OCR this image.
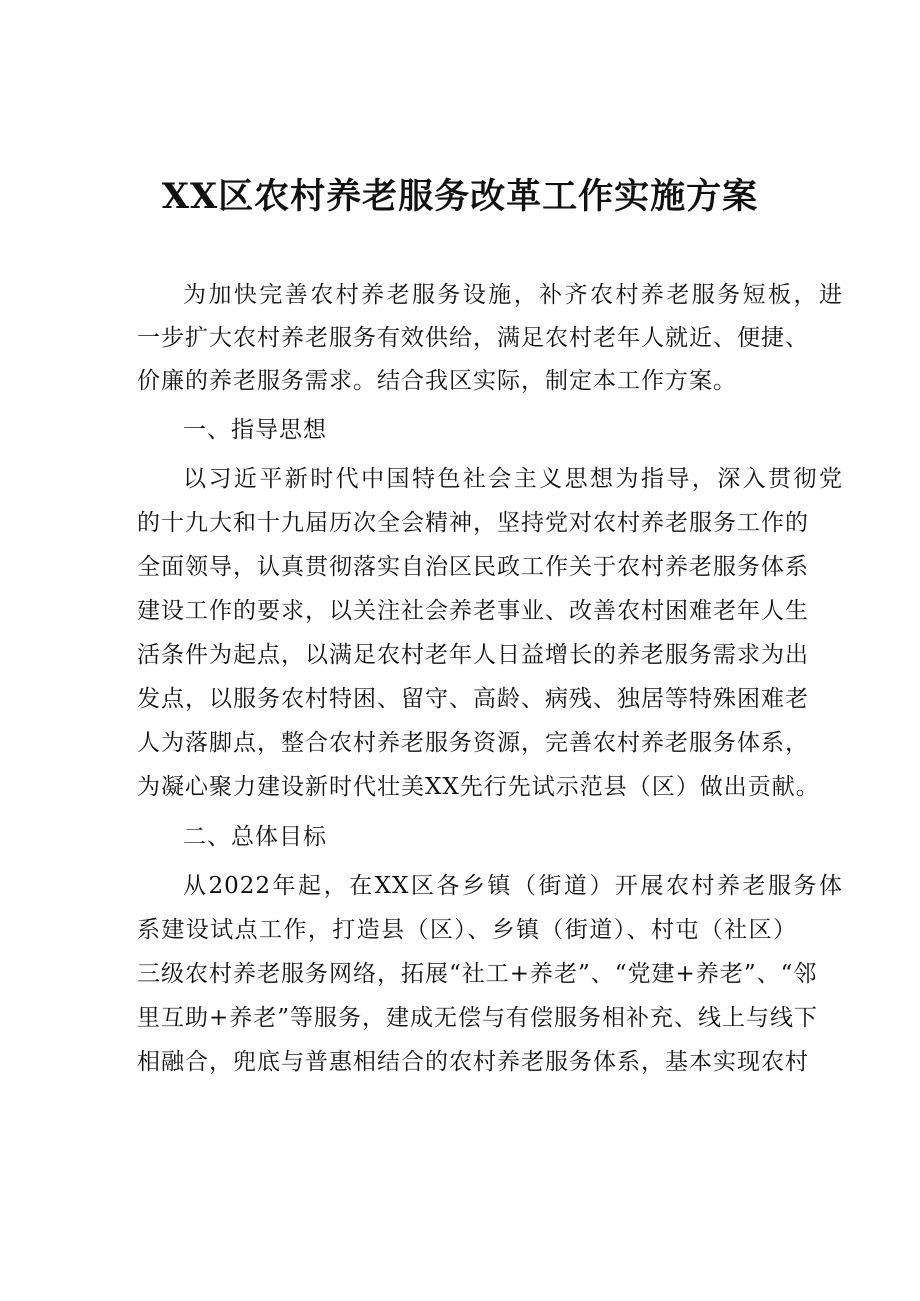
XX区农村养老服务改革工作实施方案
为加快完善农村养老服务设施，补齐农村养老服务短板，进
一步扩大农村养老服务有效供给，满足农村老年人就近、便捷、
价廉的养老服务需求。结合我区实际，制定本工作方案。
一、指导思想
以习近平新时代中国特色社会主义思想为指导，深入贯彻党
的十九大和十九届历次全会精神，坚持党对农村养老服务工作的
全面领导，认真贯彻落实自治区民政工作关于农村养老服务体系
建设工作的要求，以关注社会养老事业、改善农村困难老年人生
活条件为起点，以满足农村老年人日益增长的养老服务需求为出
发点，以服务农村特困、留守、高龄、病残、独居等特殊困难老
人为落脚点，整合农村养老服务资源，完善农村养老服务体系，
为凝心聚力建设新时代壮美XX先行先试示范县（区）做出贡献。
二、总体目标
从2022年起，在XX区各乡镇（街道）开展农村养老服务体
系建设试点工作，打造县（区）、乡镇（街道）、村屯（社区）
三级农村养老服务网络，拓展“社工+养老”、“党建+养老”、“邻
里互助+养老”等服务，建成无偿与有偿服务相补充、线上与线下
相融合，兜底与普惠相结合的农村养老服务体系，基本实现农村
